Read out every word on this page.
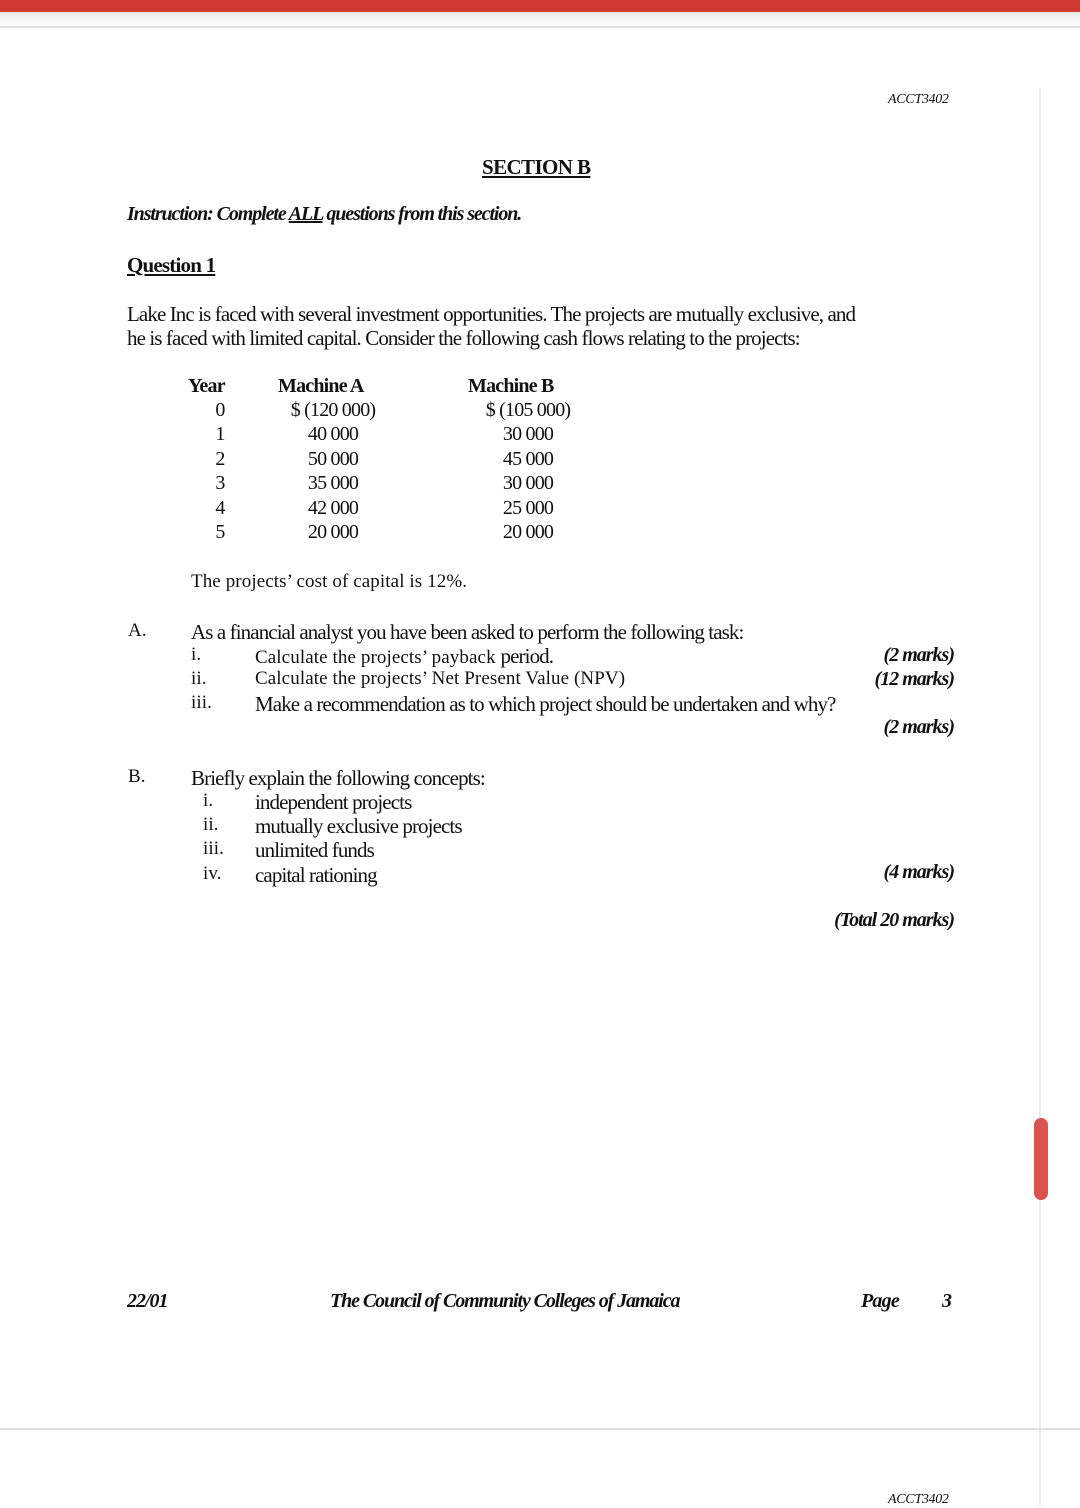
ACCT3402
SECTION B
Instruction: Complete ALL questions from this section.
Question 1
Lake Inc is faced with several investment opportunities. The projects are mutually exclusive, and
he is faced with limited capital. Consider the following cash flows relating to the projects:
Year	Machine A	Machine B
0	$ (120 000)	$ (105 000)
1	40 000	30 000
2	50 000	45 000
3	35 000	30 000
4	42 000	25 000
5	20 000	20 000
The projects’ cost of capital is 12%.
A. As a financial analyst you have been asked to perform the following task:
i.	Calculate the projects’ payback period.	(2 marks)
ii.	Calculate the projects’ Net Present Value (NPV)	(12 marks)
iii. Make a recommendation as to which project should be undertaken and why?
(2 marks)
B. Briefly explain the following concepts:
i. independent projects
ii. mutually exclusive projects
iii. unlimited funds
iv. capital rationing	(4 marks)
(Total 20 marks)
22/01	The Council of Community Colleges of Jamaica	Page 3
ACCT3402
